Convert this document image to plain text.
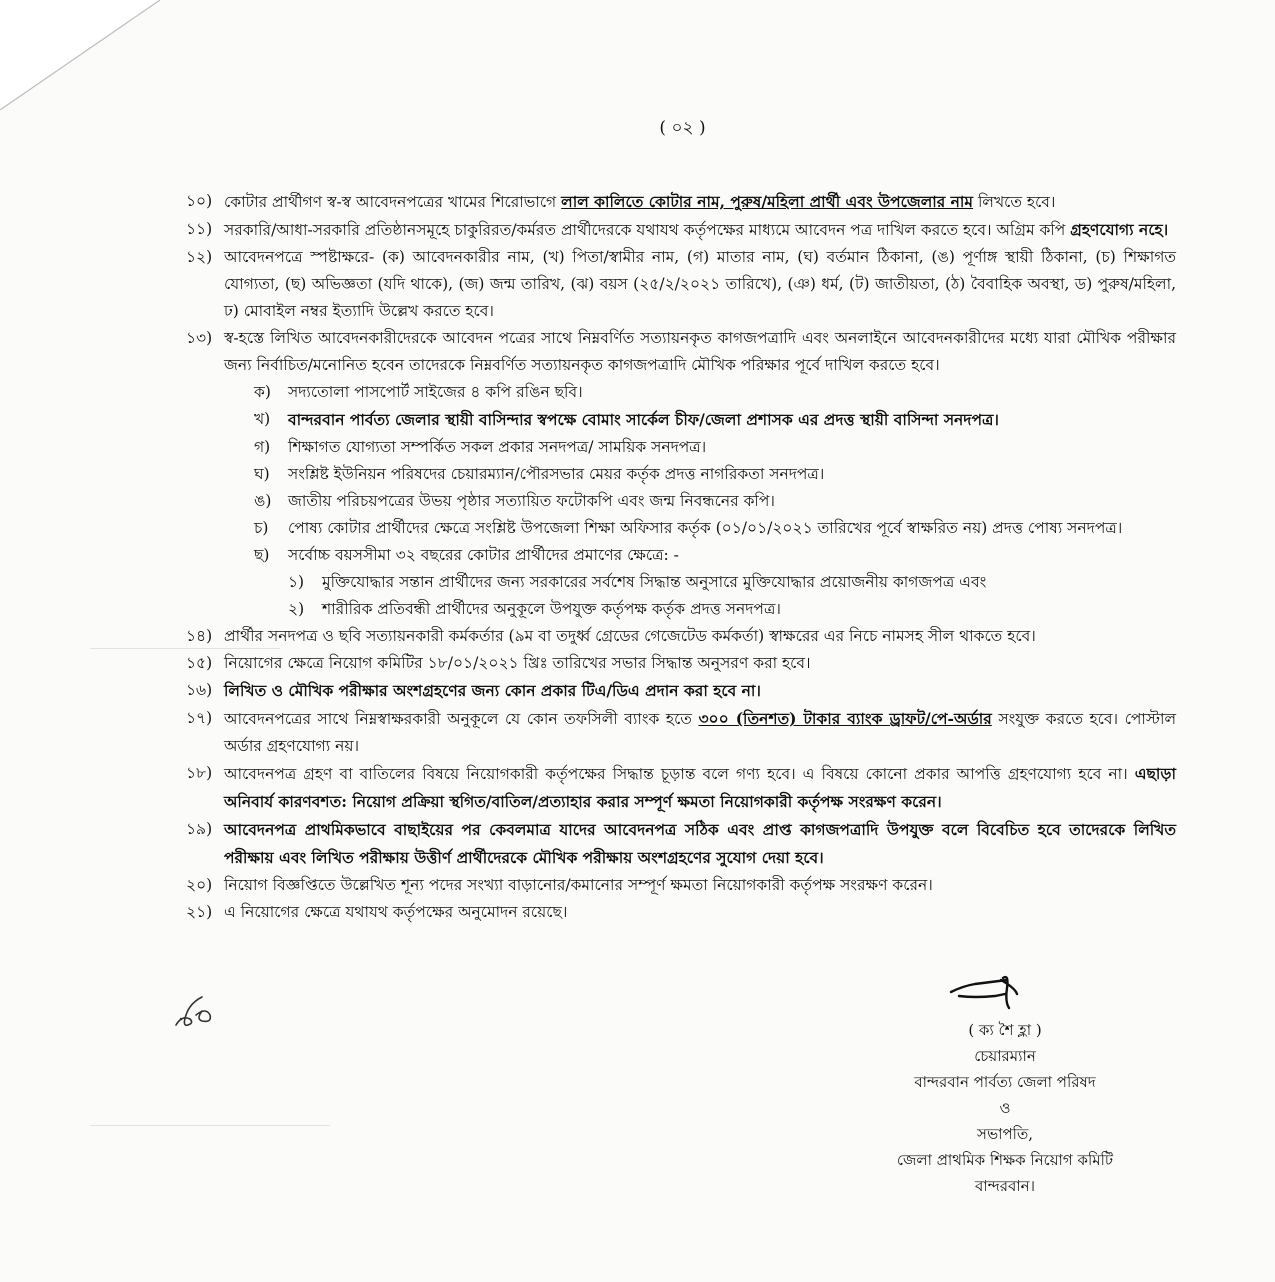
( ০২ )
১০) কোটার প্রার্থীগণ স্ব-স্ব আবেদনপত্রের খামের শিরোভাগে লাল কালিতে কোটার নাম, পুরুষ/মহিলা প্রার্থী এবং উপজেলার নাম লিখতে হবে।
১১) সরকারি/আধা-সরকারি প্রতিষ্ঠানসমূহে চাকুরিরত/কর্মরত প্রার্থীদেরকে যথাযথ কর্তৃপক্ষের মাধ্যমে আবেদন পত্র দাখিল করতে হবে। অগ্রিম কপি গ্রহণযোগ্য নহে।
১২) আবেদনপত্রে স্পষ্টাক্ষরে- (ক) আবেদনকারীর নাম, (খ) পিতা/স্বামীর নাম, (গ) মাতার নাম, (ঘ) বর্তমান ঠিকানা, (ঙ) পূর্ণাঙ্গ স্থায়ী ঠিকানা, (চ) শিক্ষাগত যোগ্যতা, (ছ) অভিজ্ঞতা (যদি থাকে), (জ) জন্ম তারিখ, (ঝ) বয়স (২৫/২/২০২১ তারিখে), (ঞ) ধর্ম, (ট) জাতীয়তা, (ঠ) বৈবাহিক অবস্থা, ড) পুরুষ/মহিলা, ঢ) মোবাইল নম্বর ইত্যাদি উল্লেখ করতে হবে।
১৩) স্ব-হস্তে লিখিত আবেদনকারীদেরকে আবেদন পত্রের সাথে নিম্নবর্ণিত সত্যায়নকৃত কাগজপত্রাদি এবং অনলাইনে আবেদনকারীদের মধ্যে যারা মৌখিক পরীক্ষার জন্য নির্বাচিত/মনোনিত হবেন তাদেরকে নিম্নবর্ণিত সত্যায়নকৃত কাগজপত্রাদি মৌখিক পরিক্ষার পূর্বে দাখিল করতে হবে।
ক)	সদ্যতোলা পাসপোর্ট সাইজের ৪ কপি রঙিন ছবি।
খ)	বান্দরবান পার্বত্য জেলার স্থায়ী বাসিন্দার স্বপক্ষে বোমাং সার্কেল চীফ/জেলা প্রশাসক এর প্রদত্ত স্থায়ী বাসিন্দা সনদপত্র।
গ)	শিক্ষাগত যোগ্যতা সম্পর্কিত সকল প্রকার সনদপত্র/ সাময়িক সনদপত্র।
ঘ)	সংশ্লিষ্ট ইউনিয়ন পরিষদের চেয়ারম্যান/পৌরসভার মেয়র কর্তৃক প্রদত্ত নাগরিকতা সনদপত্র।
ঙ)	জাতীয় পরিচয়পত্রের উভয় পৃষ্ঠার সত্যায়িত ফটোকপি এবং জন্ম নিবন্ধনের কপি।
চ)	পোষ্য কোটার প্রার্থীদের ক্ষেত্রে সংশ্লিষ্ট উপজেলা শিক্ষা অফিসার কর্তৃক (০১/০১/২০২১ তারিখের পূর্বে স্বাক্ষরিত নয়) প্রদত্ত পোষ্য সনদপত্র।
ছ)	সর্বোচ্চ বয়সসীমা ৩২ বছরের কোটার প্রার্থীদের প্রমাণের ক্ষেত্রে: -
১)	মুক্তিযোদ্ধার সন্তান প্রার্থীদের জন্য সরকারের সর্বশেষ সিদ্ধান্ত অনুসারে মুক্তিযোদ্ধার প্রয়োজনীয় কাগজপত্র এবং
২)	শারীরিক প্রতিবন্ধী প্রার্থীদের অনুকূলে উপযুক্ত কর্তৃপক্ষ কর্তৃক প্রদত্ত সনদপত্র।
১৪) প্রার্থীর সনদপত্র ও ছবি সত্যায়নকারী কর্মকর্তার (৯ম বা তদুর্ধ্ব গ্রেডের গেজেটেড কর্মকর্তা) স্বাক্ষরের এর নিচে নামসহ সীল থাকতে হবে।
১৫) নিয়োগের ক্ষেত্রে নিয়োগ কমিটির ১৮/০১/২০২১ খ্রিঃ তারিখের সভার সিদ্ধান্ত অনুসরণ করা হবে।
১৬) লিখিত ও মৌখিক পরীক্ষার অংশগ্রহণের জন্য কোন প্রকার টিএ/ডিএ প্রদান করা হবে না।
১৭) আবেদনপত্রের সাথে নিম্নস্বাক্ষরকারী অনুকূলে যে কোন তফসিলী ব্যাংক হতে ৩০০ (তিনশত) টাকার ব্যাংক ড্রাফট/পে-অর্ডার সংযুক্ত করতে হবে। পোস্টাল অর্ডার গ্রহণযোগ্য নয়।
১৮) আবেদনপত্র গ্রহণ বা বাতিলের বিষয়ে নিয়োগকারী কর্তৃপক্ষের সিদ্ধান্ত চূড়ান্ত বলে গণ্য হবে। এ বিষয়ে কোনো প্রকার আপত্তি গ্রহণযোগ্য হবে না। এছাড়া অনিবার্য কারণবশত: নিয়োগ প্রক্রিয়া স্থগিত/বাতিল/প্রত্যাহার করার সম্পূর্ণ ক্ষমতা নিয়োগকারী কর্তৃপক্ষ সংরক্ষণ করেন।
১৯) আবেদনপত্র প্রাথমিকভাবে বাছাইয়ের পর কেবলমাত্র যাদের আবেদনপত্র সঠিক এবং প্রাপ্ত কাগজপত্রাদি উপযুক্ত বলে বিবেচিত হবে তাদেরকে লিখিত পরীক্ষায় এবং লিখিত পরীক্ষায় উত্তীর্ণ প্রার্থীদেরকে মৌখিক পরীক্ষায় অংশগ্রহণের সুযোগ দেয়া হবে।
২০) নিয়োগ বিজ্ঞপ্তিতে উল্লেখিত শূন্য পদের সংখ্যা বাড়ানোর/কমানোর সম্পূর্ণ ক্ষমতা নিয়োগকারী কর্তৃপক্ষ সংরক্ষণ করেন।
২১) এ নিয়োগের ক্ষেত্রে যথাযথ কর্তৃপক্ষের অনুমোদন রয়েছে।
( ক্য শৈ হ্লা )
চেয়ারম্যান
বান্দরবান পার্বত্য জেলা পরিষদ
ও
সভাপতি,
জেলা প্রাথমিক শিক্ষক নিয়োগ কমিটি
বান্দরবান।
